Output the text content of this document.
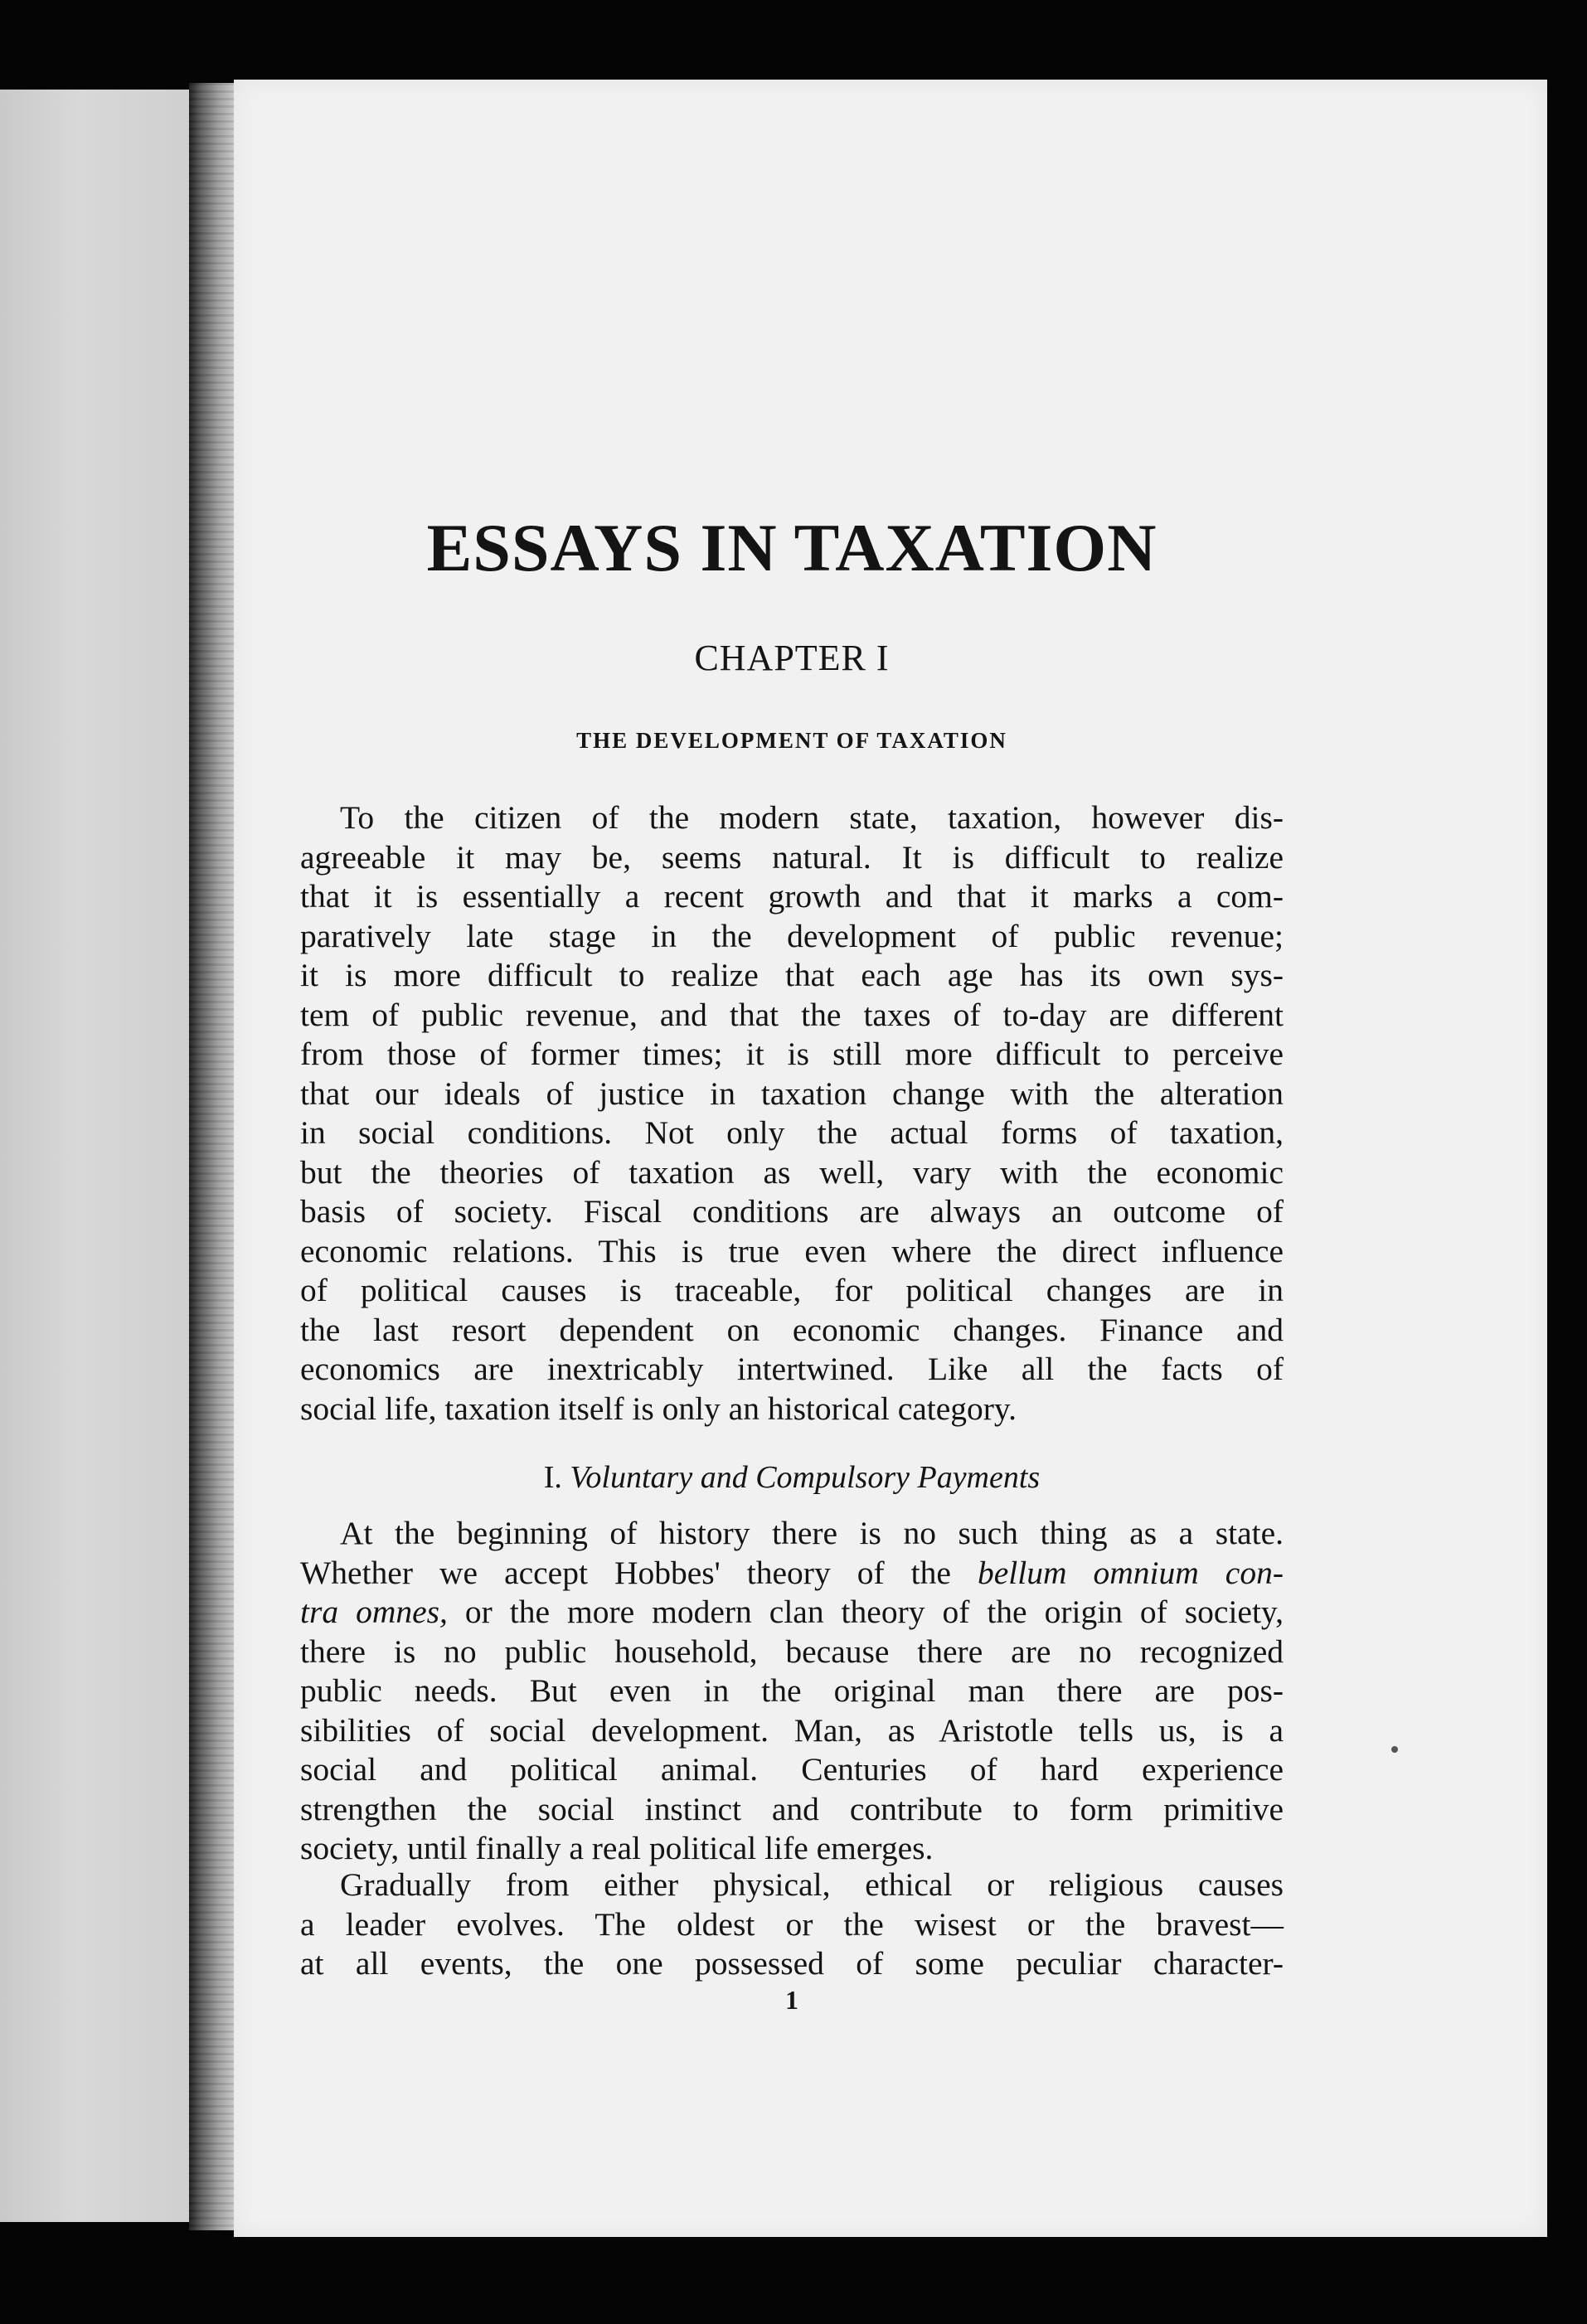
ESSAYS IN TAXATION
CHAPTER I
THE DEVELOPMENT OF TAXATION
To the citizen of the modern state, taxation, however dis-
agreeable it may be, seems natural. It is difficult to realize
that it is essentially a recent growth and that it marks a com-
paratively late stage in the development of public revenue;
it is more difficult to realize that each age has its own sys-
tem of public revenue, and that the taxes of to-day are different
from those of former times; it is still more difficult to perceive
that our ideals of justice in taxation change with the alteration
in social conditions. Not only the actual forms of taxation,
but the theories of taxation as well, vary with the economic
basis of society. Fiscal conditions are always an outcome of
economic relations. This is true even where the direct influence
of political causes is traceable, for political changes are in
the last resort dependent on economic changes. Finance and
economics are inextricably intertwined. Like all the facts of
social life, taxation itself is only an historical category.

I. Voluntary and Compulsory Payments

At the beginning of history there is no such thing as a state.
Whether we accept Hobbes' theory of the bellum omnium con-
tra omnes, or the more modern clan theory of the origin of society,
there is no public household, because there are no recognized
public needs. But even in the original man there are pos-
sibilities of social development. Man, as Aristotle tells us, is a
social and political animal. Centuries of hard experience
strengthen the social instinct and contribute to form primitive
society, until finally a real political life emerges.
Gradually from either physical, ethical or religious causes
a leader evolves. The oldest or the wisest or the bravest—
at all events, the one possessed of some peculiar character-

1
